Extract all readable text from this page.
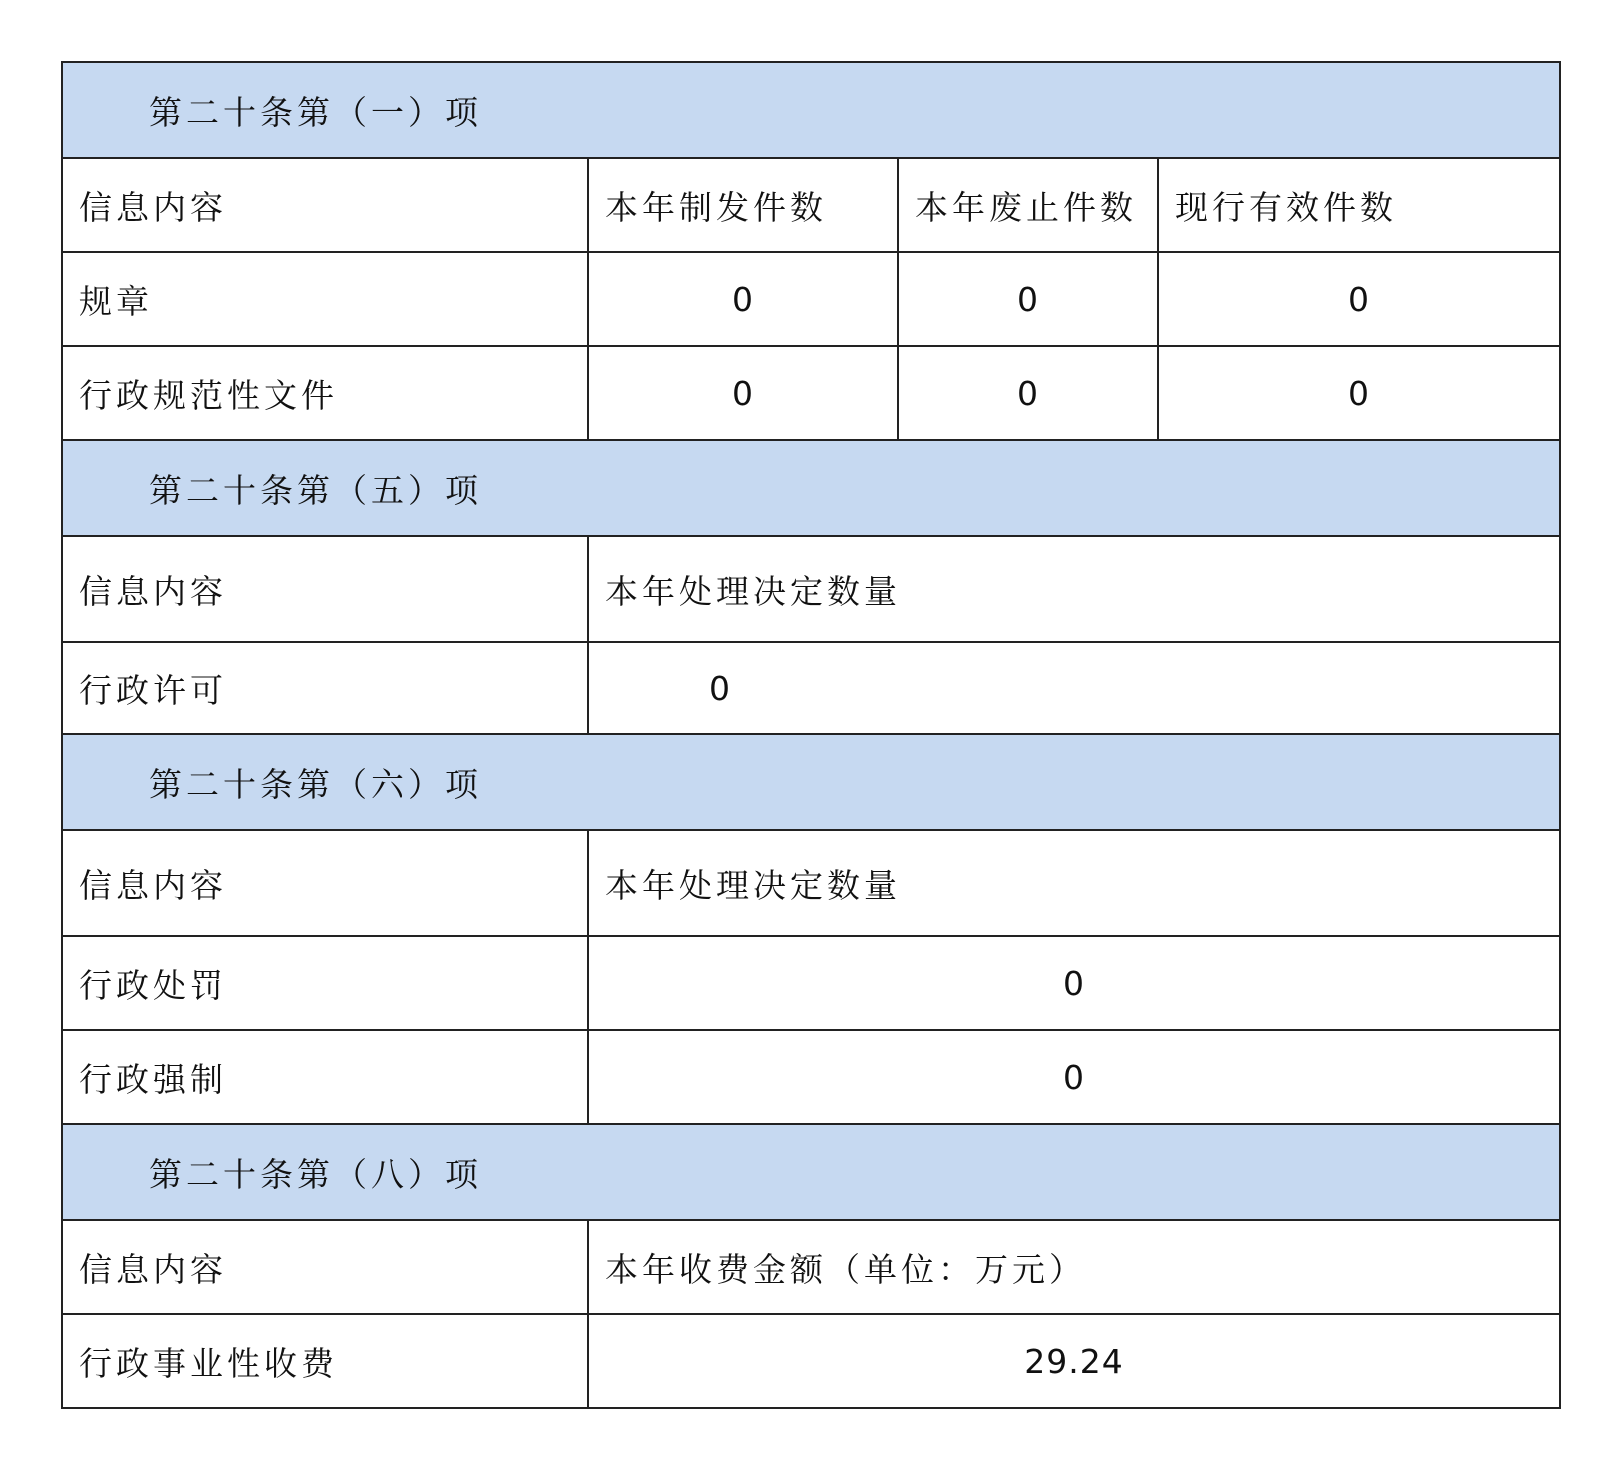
第二十条第（一）项			
信息内容	本年制发件数	本年废止件数	现行有效件数
规章	0	0	0
行政规范性文件	0	0	0
第二十条第（五）项			
信息内容	本年处理决定数量		
行政许可	0		
第二十条第（六）项			
信息内容	本年处理决定数量		
行政处罚	0		
行政强制	0		
第二十条第（八）项			
信息内容	本年收费金额（单位：万元）		
行政事业性收费	29.24		
